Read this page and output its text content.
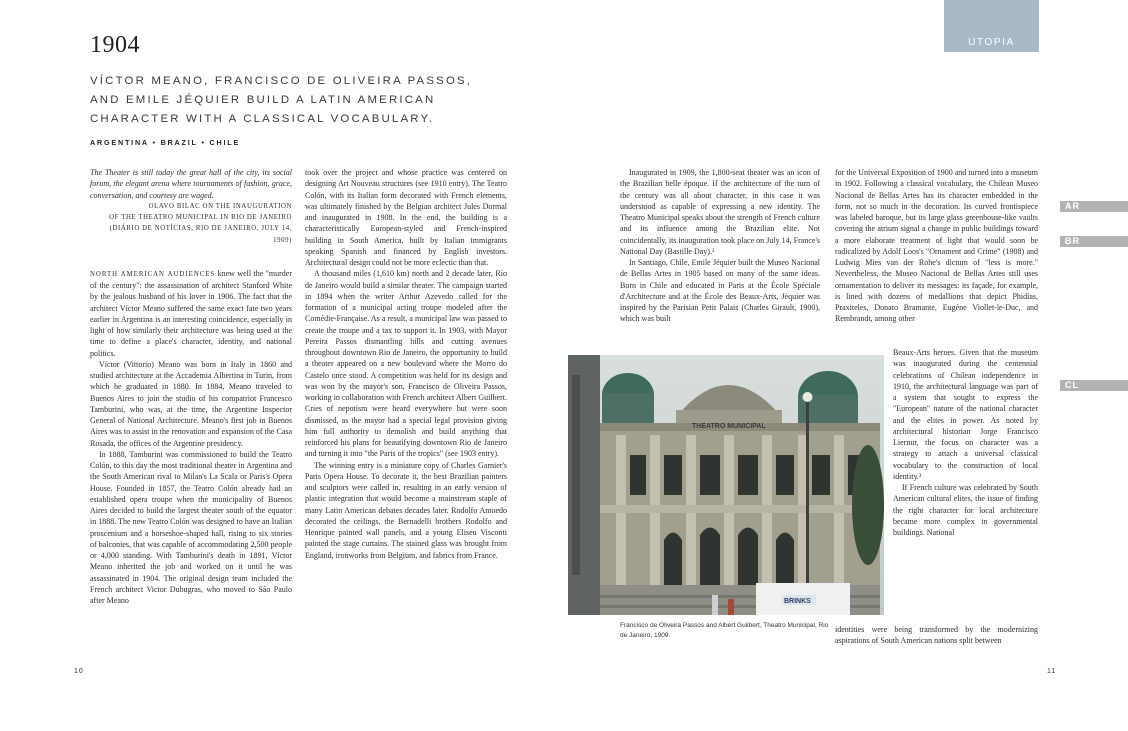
1904
VÍCTOR MEANO, FRANCISCO DE OLIVEIRA PASSOS, AND EMILE JÉQUIER BUILD A LATIN AMERICAN CHARACTER WITH A CLASSICAL VOCABULARY.
ARGENTINA • BRAZIL • CHILE
UTOPIA
AR
BR
CL

The Theater is still today the great hall of the city, its social forum, the elegant arena where tournaments of fashion, grace, conversation, and courtesy are waged.

OLAVO BILAC ON THE INAUGURATION

OF THE THEATRO MUNICIPAL IN RIO DE JANEIRO

(DIÁRIO DE NOTÍCIAS, RIO DE JANEIRO, JULY 14, 1909)

NORTH AMERICAN AUDIENCES knew well the "murder of the century": the assassination of architect Stanford White by the jealous husband of his lover in 1906. The fact that the architect Víctor Meano suffered the same exact fate two years earlier in Argentina is an interesting coincidence, especially in light of how similarly their architecture was being used at the time to define a place's character, identity, and national politics.

Víctor (Vittorio) Meano was born in Italy in 1860 and studied architecture at the Accademia Albertina in Turin, from which he graduated in 1880. In 1884, Meano traveled to Buenos Aires to join the studio of his compatriot Francesco Tamburini, who was, at the time, the Argentine Inspector General of National Architecture. Meano's first job in Buenos Aires was to assist in the renovation and expansion of the Casa Rosada, the offices of the Argentine presidency.

In 1888, Tamburini was commissioned to build the Teatro Colón, to this day the most traditional theater in Argentina and the South American rival to Milan's La Scala or Paris's Opera House. Founded in 1857, the Teatro Colón already had an established opera troupe when the municipality of Buenos Aires decided to build the largest theater south of the equator in 1888. The new Teatro Colón was designed to have an Italian proscenium and a horseshoe-shaped hall, rising to six stories of balconies, that was capable of accommodating 2,500 people or 4,000 standing. With Tamburini's death in 1891, Víctor Meano inherited the job and worked on it until he was assassinated in 1904. The original design team included the French architect Victor Dubugras, who moved to São Paulo after Meano

took over the project and whose practice was centered on designing Art Nouveau structures (see 1910 entry). The Teatro Colón, with its Italian form decorated with French elements, was ultimately finished by the Belgian architect Jules Dormal and inaugurated in 1908. In the end, the building is a characteristically European-styled and French-inspired building in South America, built by Italian immigrants speaking Spanish and financed by English investors. Architectural design could not be more eclectic than that.

A thousand miles (1,610 km) north and 2 decade later, Rio de Janeiro would build a similar theater. The campaign started in 1894 when the writer Arthur Azevedo called for the formation of a municipal acting troupe modeled after the Comédie-Française. As a result, a municipal law was passed to create the troupe and a tax to support it. In 1903, with Mayor Pereira Passos dismantling hills and cutting avenues throughout downtown Rio de Janeiro, the opportunity to build a theater appeared on a new boulevard where the Morro do Castelo once stood. A competition was held for its design and was won by the mayor's son, Francisco de Oliveira Passos, working in collaboration with French architect Albert Guilbert. Cries of nepotism were heard everywhere but were soon dismissed, as the mayor had a special legal provision giving him full authority to demolish and build anything that reinforced his plans for beautifying downtown Rio de Janeiro and turning it into "the Paris of the tropics" (see 1903 entry).

The winning entry is a miniature copy of Charles Garnier's Paris Opera House. To decorate it, the best Brazilian painters and sculptors were called in, resulting in an early version of plastic integration that would become a mainstream staple of many Latin American debates decades later. Rodolfo Amoedo decorated the ceilings, the Bernadelli brothers Rodolfo and Henrique painted wall panels, and a young Eliseu Visconti painted the stage curtains. The stained glass was brought from England, ironworks from Belgium, and fabrics from France.

Inaugurated in 1909, the 1,800-seat theater was an icon of the Brazilian belle époque. If the architecture of the turn of the century was all about character, in this case it was understood as capable of expressing a new identity. The Theatro Municipal speaks about the strength of French culture and its influence among the Brazilian elite. Not coincidentally, its inauguration took place on July 14, France's National Day (Bastille Day).²

In Santiago, Chile, Emile Jéquier built the Museo Nacional de Bellas Artes in 1905 based on many of the same ideas. Born in Chile and educated in Paris at the École Spéciale d'Architecture and at the École des Beaux-Arts, Jéquier was inspired by the Parisian Petit Palais (Charles Girault, 1900), which was built

for the Universal Exposition of 1900 and turned into a museum in 1902. Following a classical vocabulary, the Chilean Museo Nacional de Bellas Artes has its character embedded in the form, not so much in the decoration. Its curved frontispiece was labeled baroque, but its large glass greenhouse-like vaults covering the atrium signal a change in public buildings toward a more elaborate treatment of light that would soon be radicalized by Adolf Loos's "Ornament and Crime" (1908) and Ludwig Mies van der Rohe's dictum of "less is more." Nevertheless, the Museo Nacional de Bellas Artes still uses ornamentation to deliver its messages: its façade, for example, is lined with dozens of medallions that depict Phidias, Praxiteles, Donato Bramante, Eugène Viollet-le-Duc, and Rembrandt, among other

Beaux-Arts heroes. Given that the museum was inaugurated during the centennial celebrations of Chilean independence in 1910, the architectural language was part of a system that sought to express the "European" nature of the national character and the elites in power. As noted by architectural historian Jorge Francisco Liernur, the focus on character was a strategy to attach a universal classical vocabulary to the construction of local identity.³

If French culture was celebrated by South American cultural elites, the issue of finding the right character for local architecture became more complex in governmental buildings. National

identities were being transformed by the modernizing aspirations of South American nations split between

THEATRO MUNICIPAL
BRINKS
Francisco de Oliveira Passos and Albert Guilbert, Theatro Municipal, Rio de Janeiro, 1909.
10	11
